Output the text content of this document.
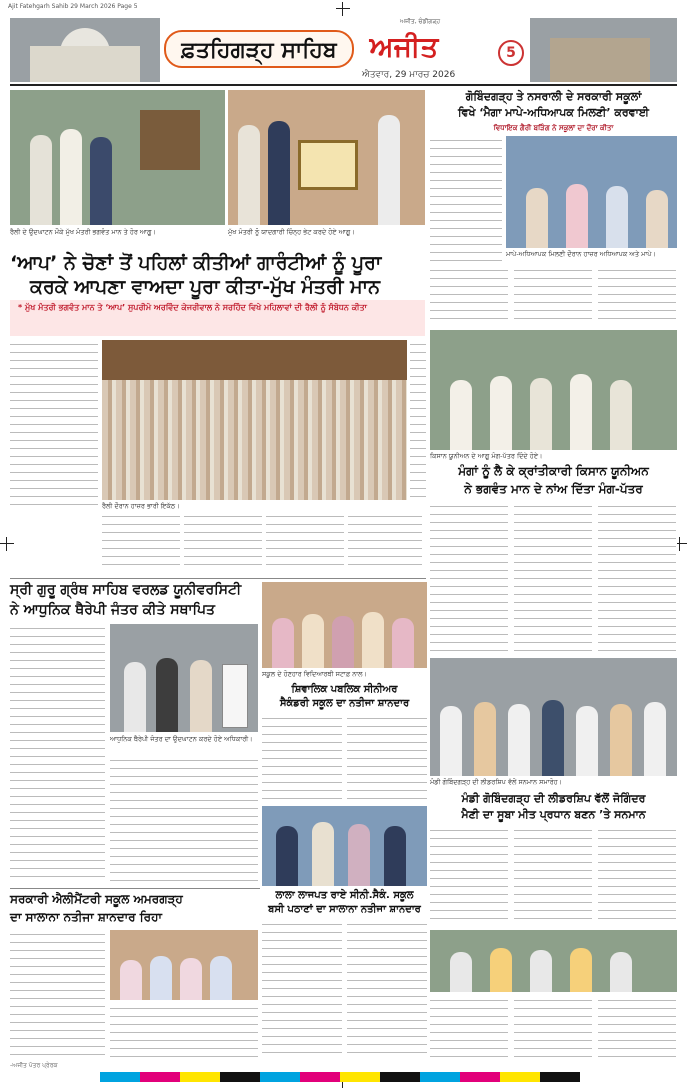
Ajit Fatehgarh Sahib 29 March 2026 Page 5
ਅਜੀਤ, ਚੰਡੀਗੜ੍ਹ
ਫ਼ਤਹਿਗੜ੍ਹ ਸਾਹਿਬ	ਅਜੀਤ
ਐਤਵਾਰ, 29 ਮਾਰਚ 2026
5
ਰੈਲੀ ਦੇ ਉਦਘਾਟਨ ਮੌਕੇ ਮੁੱਖ ਮੰਤਰੀ ਭਗਵੰਤ ਮਾਨ ਤੇ ਹੋਰ ਆਗੂ।	ਮੁੱਖ ਮੰਤਰੀ ਨੂੰ ਯਾਦਗਾਰੀ ਚਿੰਨ੍ਹ ਭੇਟ ਕਰਦੇ ਹੋਏ ਆਗੂ।
‘ਆਪ’ ਨੇ ਚੋਣਾਂ ਤੋਂ ਪਹਿਲਾਂ ਕੀਤੀਆਂ ਗਾਰੰਟੀਆਂ ਨੂੰ ਪੂਰਾ
ਕਰਕੇ ਆਪਣਾ ਵਾਅਦਾ ਪੂਰਾ ਕੀਤਾ-ਮੁੱਖ ਮੰਤਰੀ ਮਾਨ
* ਮੁੱਖ ਮੰਤਰੀ ਭਗਵੰਤ ਮਾਨ ਤੇ ‘ਆਪ’ ਸੁਪਰੀਮੋ ਅਰਵਿੰਦ ਕੇਜਰੀਵਾਲ ਨੇ ਸਰਹਿੰਦ ਵਿਖੇ ਮਹਿਲਾਵਾਂ ਦੀ ਰੈਲੀ ਨੂੰ ਸੰਬੋਧਨ ਕੀਤਾ
ਰੈਲੀ ਦੌਰਾਨ ਹਾਜ਼ਰ ਭਾਰੀ ਇਕੱਠ।
ਗੋਬਿੰਦਗੜ੍ਹ ਤੇ ਨਸਰਾਲੀ ਦੇ ਸਰਕਾਰੀ ਸਕੂਲਾਂ
ਵਿਖੇ ‘ਮੈਗਾ ਮਾਪੇ-ਅਧਿਆਪਕ ਮਿਲਣੀ’ ਕਰਵਾਈ
ਵਿਧਾਇਕ ਗੈਰੀ ਬੜਿੰਗ ਨੇ ਸਕੂਲਾਂ ਦਾ ਦੌਰਾ ਕੀਤਾ
ਮਾਪੇ-ਅਧਿਆਪਕ ਮਿਲਣੀ ਦੌਰਾਨ ਹਾਜ਼ਰ ਅਧਿਆਪਕ ਅਤੇ ਮਾਪੇ।
ਕਿਸਾਨ ਯੂਨੀਅਨ ਦੇ ਆਗੂ ਮੰਗ-ਪੱਤਰ ਦਿੰਦੇ ਹੋਏ।
ਮੰਗਾਂ ਨੂੰ ਲੈ ਕੇ ਕ੍ਰਾਂਤੀਕਾਰੀ ਕਿਸਾਨ ਯੂਨੀਅਨ
ਨੇ ਭਗਵੰਤ ਮਾਨ ਦੇ ਨਾਂਅ ਦਿੱਤਾ ਮੰਗ-ਪੱਤਰ
ਸ੍ਰੀ ਗੁਰੂ ਗ੍ਰੰਥ ਸਾਹਿਬ ਵਰਲਡ ਯੂਨੀਵਰਸਿਟੀ
ਨੇ ਆਧੁਨਿਕ ਥੈਰੇਪੀ ਜੰਤਰ ਕੀਤੇ ਸਥਾਪਿਤ
ਆਧੁਨਿਕ ਥੈਰੇਪੀ ਜੰਤਰ ਦਾ ਉਦਘਾਟਨ ਕਰਦੇ ਹੋਏ ਅਧਿਕਾਰੀ।
ਸਕੂਲ ਦੇ ਹੋਣਹਾਰ ਵਿਦਿਆਰਥੀ ਸਟਾਫ਼ ਨਾਲ।
ਸ਼ਿਵਾਲਿਕ ਪਬਲਿਕ ਸੀਨੀਅਰ
ਸੈਕੰਡਰੀ ਸਕੂਲ ਦਾ ਨਤੀਜਾ ਸ਼ਾਨਦਾਰ
ਮੰਡੀ ਗੋਬਿੰਦਗੜ੍ਹ ਦੀ ਲੀਡਰਸ਼ਿਪ ਵੱਲੋਂ ਸਨਮਾਨ ਸਮਾਰੋਹ।
ਮੰਡੀ ਗੋਬਿੰਦਗੜ੍ਹ ਦੀ ਲੀਡਰਸ਼ਿਪ ਵੱਲੋਂ ਜੋਗਿੰਦਰ
ਮੈਣੀ ਦਾ ਸੂਬਾ ਮੀਤ ਪ੍ਰਧਾਨ ਬਣਨ ’ਤੇ ਸਨਮਾਨ
ਸਰਕਾਰੀ ਐਲੀਮੈਂਟਰੀ ਸਕੂਲ ਅਮਰਗੜ੍ਹ
ਦਾ ਸਾਲਾਨਾ ਨਤੀਜਾ ਸ਼ਾਨਦਾਰ ਰਿਹਾ
ਲਾਲਾ ਲਾਜਪਤ ਰਾਏ ਸੀਨੀ.ਸੈਕੰ. ਸਕੂਲ
ਬਸੀ ਪਠਾਣਾਂ ਦਾ ਸਾਲਾਨਾ ਨਤੀਜਾ ਸ਼ਾਨਦਾਰ
-ਅਜੀਤ ਪੱਤਰ ਪ੍ਰੇਰਕ
